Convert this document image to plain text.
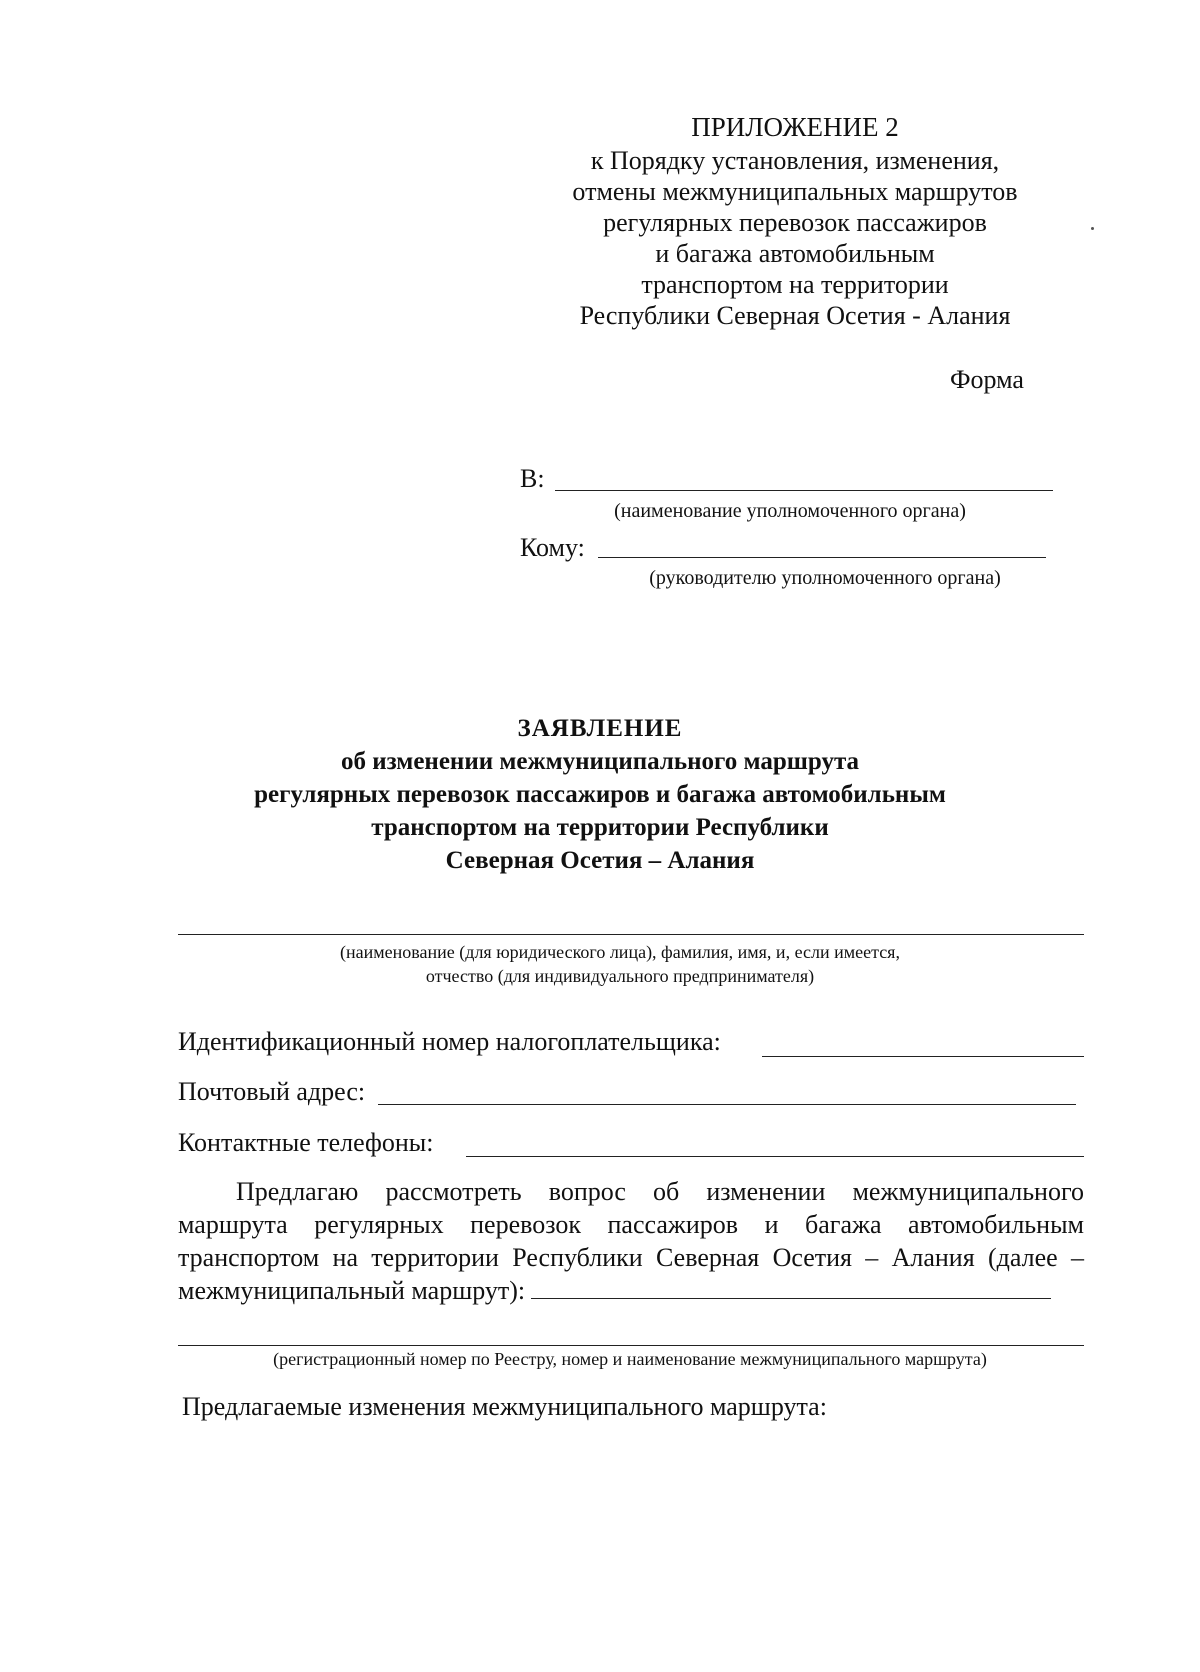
ПРИЛОЖЕНИЕ 2
к Порядку установления, изменения,
отмены межмуниципальных маршрутов
регулярных перевозок пассажиров
и багажа автомобильным
транспортом на территории
Республики Северная Осетия - Алания
Форма
В:
(наименование уполномоченного органа)
Кому:
(руководителю уполномоченного органа)
ЗАЯВЛЕНИЕ
об изменении межмуниципального маршрута
регулярных перевозок пассажиров и багажа автомобильным
транспортом на территории Республики
Северная Осетия – Алания
(наименование (для юридического лица), фамилия, имя, и, если имеется,
отчество (для индивидуального предпринимателя)
Идентификационный номер налогоплательщика:
Почтовый адрес:
Контактные телефоны:
Предлагаю рассмотреть вопрос об изменении межмуниципального маршрута регулярных перевозок пассажиров и багажа автомобильным транспортом на территории Республики Северная Осетия – Алания (далее – межмуниципальный маршрут):
(регистрационный номер по Реестру, номер и наименование межмуниципального маршрута)
Предлагаемые изменения межмуниципального маршрута:
